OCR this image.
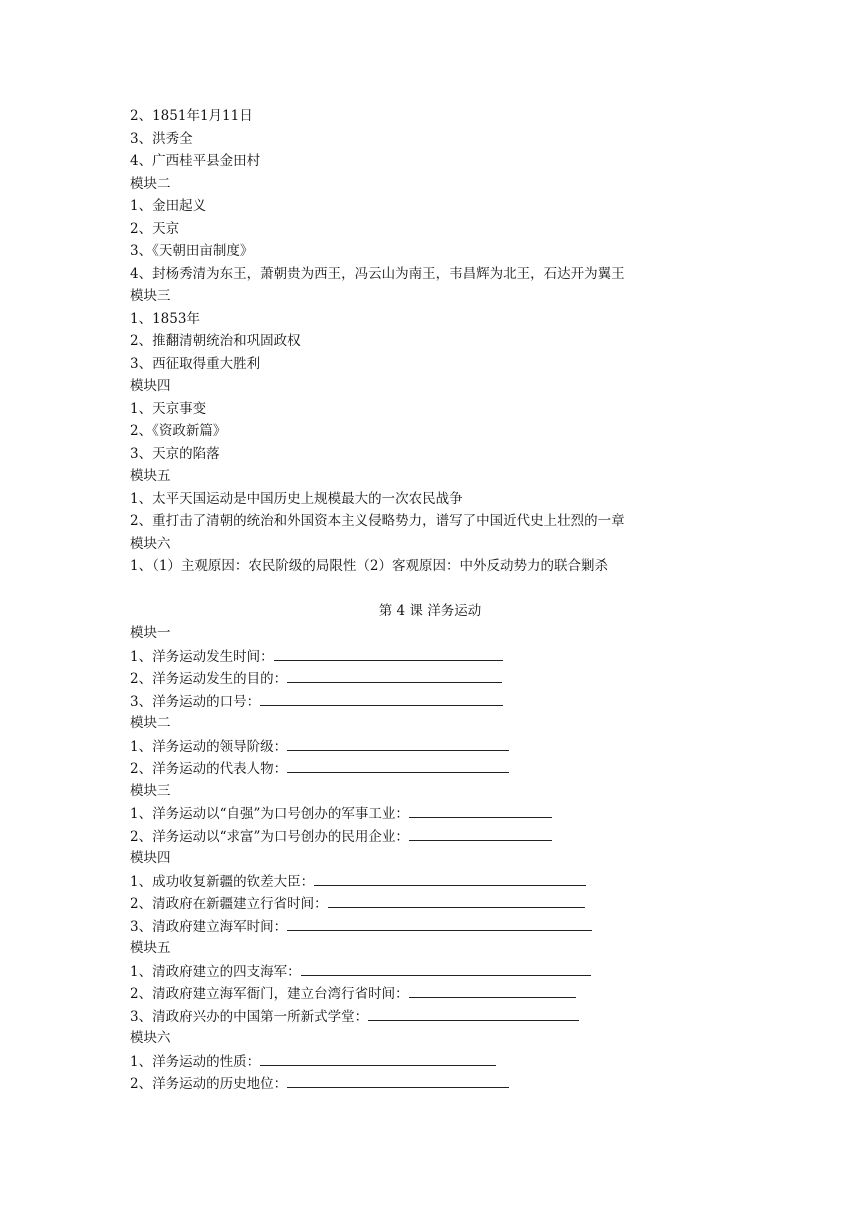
2、1851年1月11日
3、洪秀全
4、广西桂平县金田村
模块二
1、金田起义
2、天京
3、《天朝田亩制度》
4、封杨秀清为东王，萧朝贵为西王，冯云山为南王，韦昌辉为北王，石达开为翼王
模块三
1、1853年
2、推翻清朝统治和巩固政权
3、西征取得重大胜利
模块四
1、天京事变
2、《资政新篇》
3、天京的陷落
模块五
1、太平天国运动是中国历史上规模最大的一次农民战争
2、重打击了清朝的统治和外国资本主义侵略势力，谱写了中国近代史上壮烈的一章
模块六
1、（1）主观原因：农民阶级的局限性（2）客观原因：中外反动势力的联合剿杀
第 4 课 洋务运动
模块一
1、洋务运动发生时间：
2、洋务运动发生的目的：
3、洋务运动的口号：
模块二
1、洋务运动的领导阶级：
2、洋务运动的代表人物：
模块三
1、洋务运动以“自强”为口号创办的军事工业：
2、洋务运动以“求富”为口号创办的民用企业：
模块四
1、成功收复新疆的钦差大臣：
2、清政府在新疆建立行省时间：
3、清政府建立海军时间：
模块五
1、清政府建立的四支海军：
2、清政府建立海军衙门，建立台湾行省时间：
3、清政府兴办的中国第一所新式学堂：
模块六
1、洋务运动的性质：
2、洋务运动的历史地位：
